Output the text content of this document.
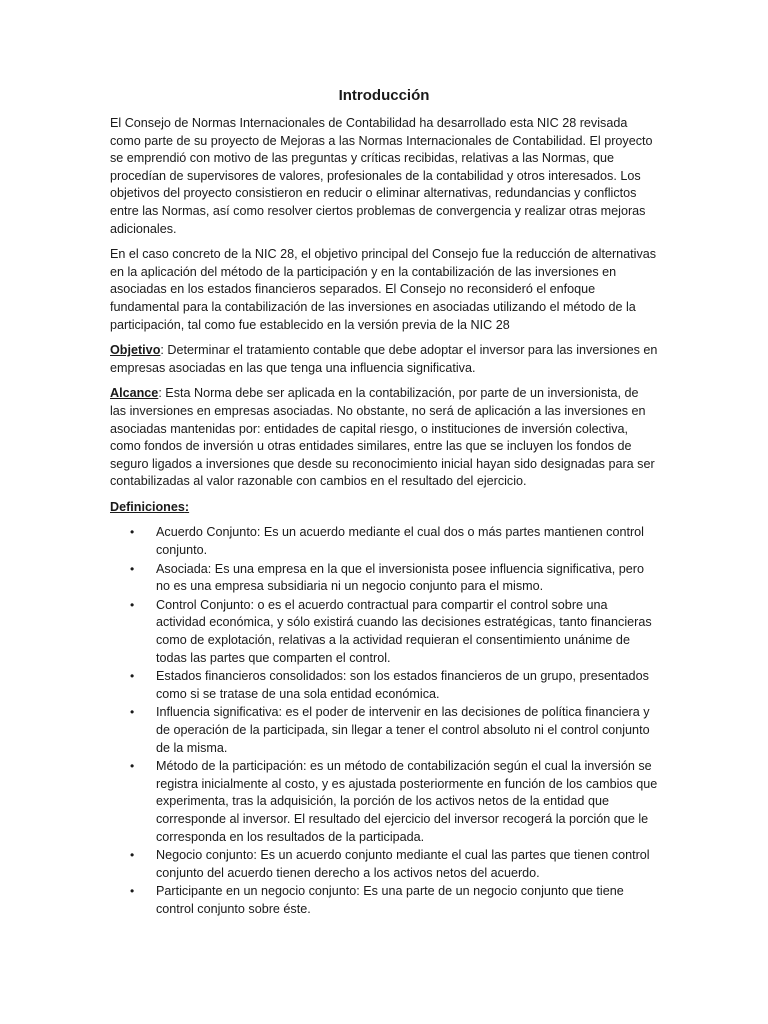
Introducción

El Consejo de Normas Internacionales de Contabilidad ha desarrollado esta NIC 28 revisada como parte de su proyecto de Mejoras a las Normas Internacionales de Contabilidad. El proyecto se emprendió con motivo de las preguntas y críticas recibidas, relativas a las Normas, que procedían de supervisores de valores, profesionales de la contabilidad y otros interesados. Los objetivos del proyecto consistieron en reducir o eliminar alternativas, redundancias y conflictos entre las Normas, así como resolver ciertos problemas de convergencia y realizar otras mejoras adicionales.

En el caso concreto de la NIC 28, el objetivo principal del Consejo fue la reducción de alternativas en la aplicación del método de la participación y en la contabilización de las inversiones en asociadas en los estados financieros separados. El Consejo no reconsideró el enfoque fundamental para la contabilización de las inversiones en asociadas utilizando el método de la participación, tal como fue establecido en la versión previa de la NIC 28

Objetivo: Determinar el tratamiento contable que debe adoptar el inversor para las inversiones en empresas asociadas en las que tenga una influencia significativa.

Alcance: Esta Norma debe ser aplicada en la contabilización, por parte de un inversionista, de las inversiones en empresas asociadas. No obstante, no será de aplicación a las inversiones en asociadas mantenidas por: entidades de capital riesgo, o instituciones de inversión colectiva, como fondos de inversión u otras entidades similares, entre las que se incluyen los fondos de seguro ligados a inversiones que desde su reconocimiento inicial hayan sido designadas para ser contabilizadas al valor razonable con cambios en el resultado del ejercicio.

Definiciones:

• Acuerdo Conjunto: Es un acuerdo mediante el cual dos o más partes mantienen control conjunto.
• Asociada: Es una empresa en la que el inversionista posee influencia significativa, pero no es una empresa subsidiaria ni un negocio conjunto para el mismo.
• Control Conjunto: o es el acuerdo contractual para compartir el control sobre una actividad económica, y sólo existirá cuando las decisiones estratégicas, tanto financieras como de explotación, relativas a la actividad requieran el consentimiento unánime de todas las partes que comparten el control.
• Estados financieros consolidados: son los estados financieros de un grupo, presentados como si se tratase de una sola entidad económica.
• Influencia significativa: es el poder de intervenir en las decisiones de política financiera y de operación de la participada, sin llegar a tener el control absoluto ni el control conjunto de la misma.
• Método de la participación: es un método de contabilización según el cual la inversión se registra inicialmente al costo, y es ajustada posteriormente en función de los cambios que experimenta, tras la adquisición, la porción de los activos netos de la entidad que corresponde al inversor. El resultado del ejercicio del inversor recogerá la porción que le corresponda en los resultados de la participada.
• Negocio conjunto: Es un acuerdo conjunto mediante el cual las partes que tienen control conjunto del acuerdo tienen derecho a los activos netos del acuerdo.
• Participante en un negocio conjunto: Es una parte de un negocio conjunto que tiene control conjunto sobre éste.
